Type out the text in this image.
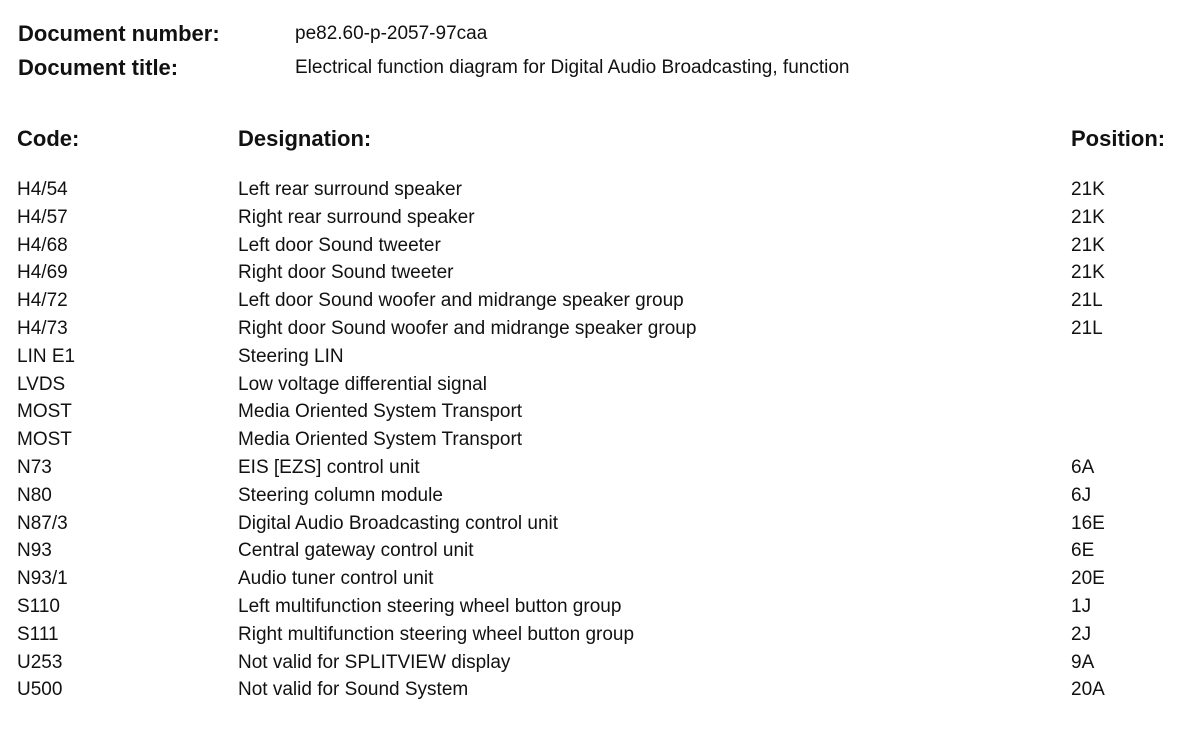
Document number:	pe82.60-p-2057-97caa
Document title:	Electrical function diagram for Digital Audio Broadcasting, function
Code:	Designation:	Position:
H4/54	Left rear surround speaker	21K
H4/57	Right rear surround speaker	21K
H4/68	Left door Sound tweeter	21K
H4/69	Right door Sound tweeter	21K
H4/72	Left door Sound woofer and midrange speaker group	21L
H4/73	Right door Sound woofer and midrange speaker group	21L
LIN E1	Steering LIN
LVDS	Low voltage differential signal
MOST	Media Oriented System Transport
MOST	Media Oriented System Transport
N73	EIS [EZS] control unit	6A
N80	Steering column module	6J
N87/3	Digital Audio Broadcasting control unit	16E
N93	Central gateway control unit	6E
N93/1	Audio tuner control unit	20E
S110	Left multifunction steering wheel button group	1J
S111	Right multifunction steering wheel button group	2J
U253	Not valid for SPLITVIEW display	9A
U500	Not valid for Sound System	20A
